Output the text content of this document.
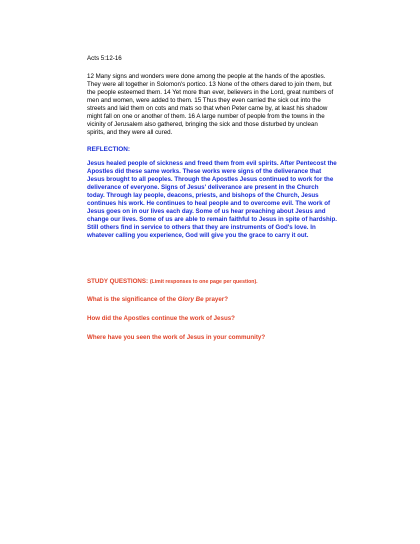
Acts 5:12-16

12 Many signs and wonders were done among the people at the hands of the apostles. They were all together in Solomon's portico. 13 None of the others dared to join them, but the people esteemed them. 14 Yet more than ever, believers in the Lord, great numbers of men and women, were added to them. 15 Thus they even carried the sick out into the streets and laid them on cots and mats so that when Peter came by, at least his shadow might fall on one or another of them. 16 A large number of people from the towns in the vicinity of Jerusalem also gathered, bringing the sick and those disturbed by unclean spirits, and they were all cured.

REFLECTION:

Jesus healed people of sickness and freed them from evil spirits. After Pentecost the Apostles did these same works. These works were signs of the deliverance that Jesus brought to all peoples. Through the Apostles Jesus continued to work for the deliverance of everyone. Signs of Jesus' deliverance are present in the Church today. Through lay people, deacons, priests, and bishops of the Church, Jesus continues his work. He continues to heal people and to overcome evil. The work of Jesus goes on in our lives each day. Some of us hear preaching about Jesus and change our lives. Some of us are able to remain faithful to Jesus in spite of hardship. Still others find in service to others that they are instruments of God's love. In whatever calling you experience, God will give you the grace to carry it out.

STUDY QUESTIONS: (Limit responses to one page per question).

What is the significance of the Glory Be prayer?

How did the Apostles continue the work of Jesus?

Where have you seen the work of Jesus in your community?
